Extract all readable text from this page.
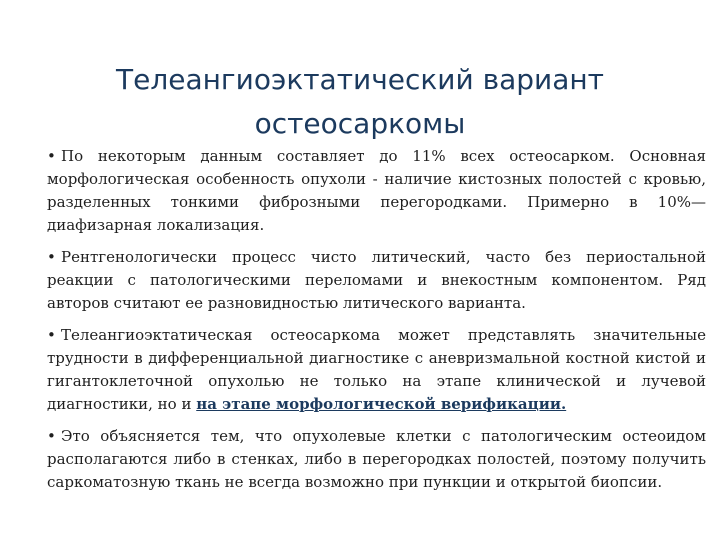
Телеангиоэктатический вариант
остеосаркомы
• По некоторым данным составляет до 11% всех остеосарком. Основная морфологическая особенность опухоли - наличие кистозных полостей с кровью, разделенных тонкими фиброзными перегородками. Примерно в 10%—диафизарная локализация.
• Рентгенологически процесс чисто литический, часто без периостальной реакции с патологическими переломами и внекостным компонентом. Ряд авторов считают ее разновидностью литического варианта.
• Телеангиоэктатическая остеосаркома может представлять значительные трудности в дифференциальной диагностике с аневризмальной костной кистой и гигантоклеточной опухолью не только на этапе клинической и лучевой диагностики, но и на этапе морфологической верификации.
• Это объясняется тем, что опухолевые клетки с патологическим остеоидом располагаются либо в стенках, либо в перегородках полостей, поэтому получить саркоматозную ткань не всегда возможно при пункции и открытой биопсии.
